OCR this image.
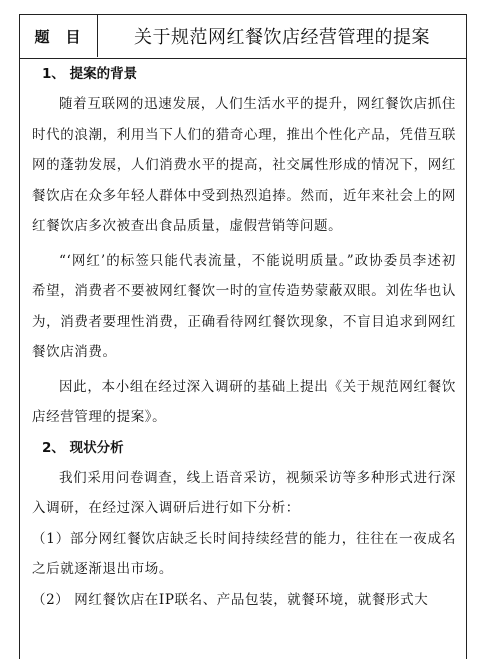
题目	关于规范网红餐饮店经营管理的提案
1、 提案的背景

随着互联网的迅速发展，人们生活水平的提升，网红餐饮店抓住时代的浪潮，利用当下人们的猎奇心理，推出个性化产品，凭借互联网的蓬勃发展，人们消费水平的提高，社交属性形成的情况下，网红餐饮店在众多年轻人群体中受到热烈追捧。然而，近年来社会上的网红餐饮店多次被查出食品质量，虚假营销等问题。

“‘网红’的标签只能代表流量，不能说明质量。”政协委员李述初希望，消费者不要被网红餐饮一时的宣传造势蒙蔽双眼。刘佐华也认为，消费者要理性消费，正确看待网红餐饮现象，不盲目追求到网红餐饮店消费。

因此，本小组在经过深入调研的基础上提出《关于规范网红餐饮店经营管理的提案》。

2、 现状分析

我们采用问卷调查，线上语音采访，视频采访等多种形式进行深入调研，在经过深入调研后进行如下分析：

（1）部分网红餐饮店缺乏长时间持续经营的能力，往往在一夜成名之后就逐渐退出市场。

（2） 网红餐饮店在IP联名、产品包装，就餐环境，就餐形式大
